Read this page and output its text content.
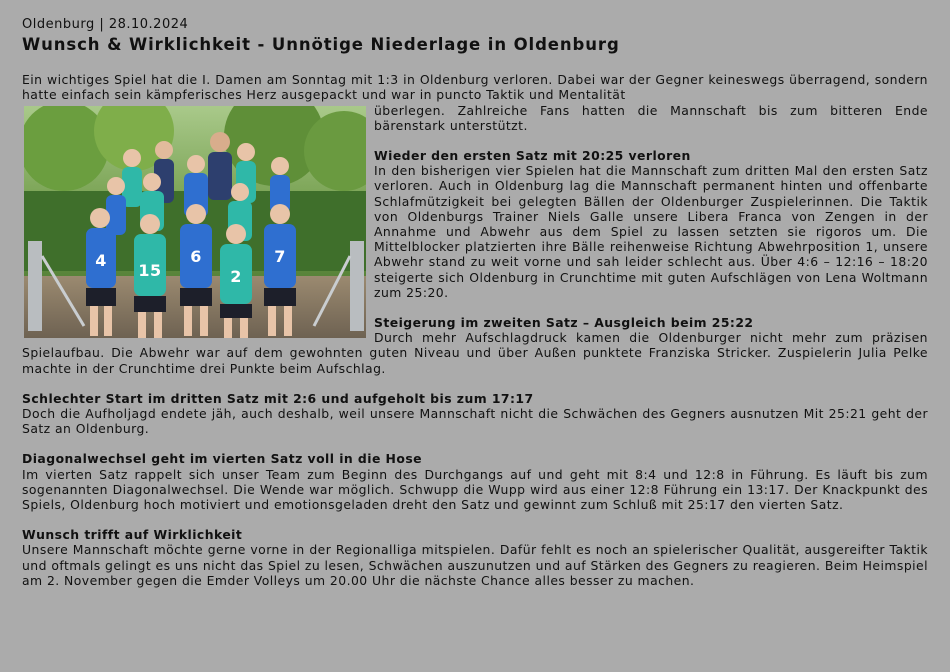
Oldenburg | 28.10.2024
Wunsch & Wirklichkeit - Unnötige Niederlage in Oldenburg

Ein wichtiges Spiel hat die I. Damen am Sonntag mit 1:3 in Oldenburg verloren. Dabei war der Gegner keineswegs überragend, sondern hatte einfach sein kämpferisches Herz ausgepackt und war in puncto Taktik und Mentalität

4
15
6
2
7

überlegen. Zahlreiche Fans hatten die Mannschaft bis zum bitteren Ende bärenstark unterstützt.

Wieder den ersten Satz mit 20:25 verloren
In den bisherigen vier Spielen hat die Mannschaft zum dritten Mal den ersten Satz verloren. Auch in Oldenburg lag die Mannschaft permanent hinten und offenbarte Schlafmützigkeit bei gelegten Bällen der Oldenburger Zuspielerinnen. Die Taktik von Oldenburgs Trainer Niels Galle unsere Libera Franca von Zengen in der Annahme und Abwehr aus dem Spiel zu lassen setzten sie rigoros um. Die Mittelblocker platzierten ihre Bälle reihenweise Richtung Abwehrposition 1, unsere Abwehr stand zu weit vorne und sah leider schlecht aus. Über 4:6 – 12:16 – 18:20 steigerte sich Oldenburg in Crunchtime mit guten Aufschlägen von Lena Woltmann zum 25:20.

Steigerung im zweiten Satz – Ausgleich beim 25:22
Durch mehr Aufschlagdruck kamen die Oldenburger nicht mehr zum präzisen Spielaufbau. Die Abwehr war auf dem gewohnten guten Niveau und über Außen punktete Franziska Stricker. Zuspielerin Julia Pelke machte in der Crunchtime drei Punkte beim Aufschlag.

Schlechter Start im dritten Satz mit 2:6 und aufgeholt bis zum 17:17
Doch die Aufholjagd endete jäh, auch deshalb, weil unsere Mannschaft nicht die Schwächen des Gegners ausnutzen Mit 25:21 geht der Satz an Oldenburg.

Diagonalwechsel geht im vierten Satz voll in die Hose
Im vierten Satz rappelt sich unser Team zum Beginn des Durchgangs auf und geht mit 8:4 und 12:8 in Führung. Es läuft bis zum sogenannten Diagonalwechsel. Die Wende war möglich. Schwupp die Wupp wird aus einer 12:8 Führung ein 13:17. Der Knackpunkt des Spiels, Oldenburg hoch motiviert und emotionsgeladen dreht den Satz und gewinnt zum Schluß mit 25:17 den vierten Satz.

Wunsch trifft auf Wirklichkeit
Unsere Mannschaft möchte gerne vorne in der Regionalliga mitspielen. Dafür fehlt es noch an spielerischer Qualität, ausgereifter Taktik und oftmals gelingt es uns nicht das Spiel zu lesen, Schwächen auszunutzen und auf Stärken des Gegners zu reagieren. Beim Heimspiel am 2. November gegen die Emder Volleys um 20.00 Uhr die nächste Chance alles besser zu machen.
